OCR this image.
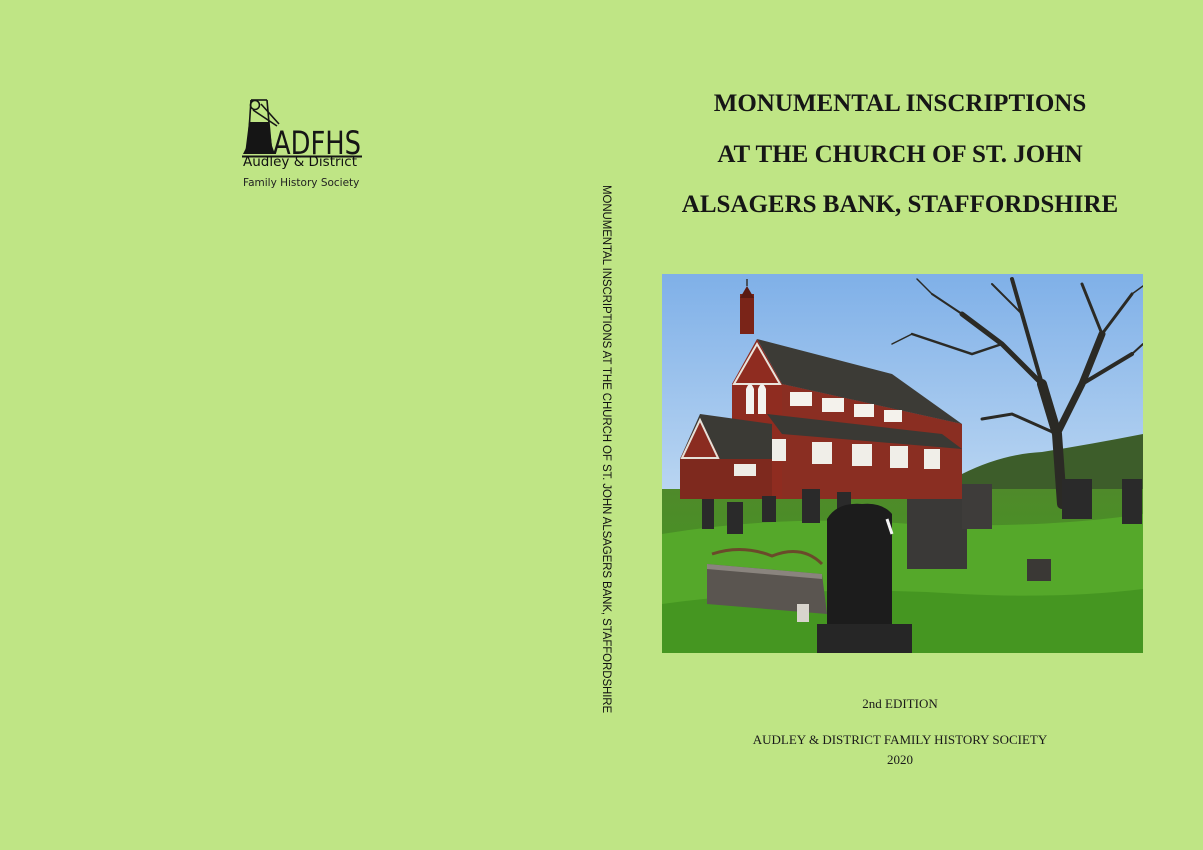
ADFHS
Audley & District
Family History Society
MONUMENTAL INSCRIPTIONS AT THE CHURCH OF ST. JOHN ALSAGERS BANK, STAFFORDSHIRE
MONUMENTAL INSCRIPTIONS
AT THE CHURCH OF ST. JOHN
ALSAGERS BANK, STAFFORDSHIRE
2nd EDITION
AUDLEY & DISTRICT FAMILY HISTORY SOCIETY
2020
